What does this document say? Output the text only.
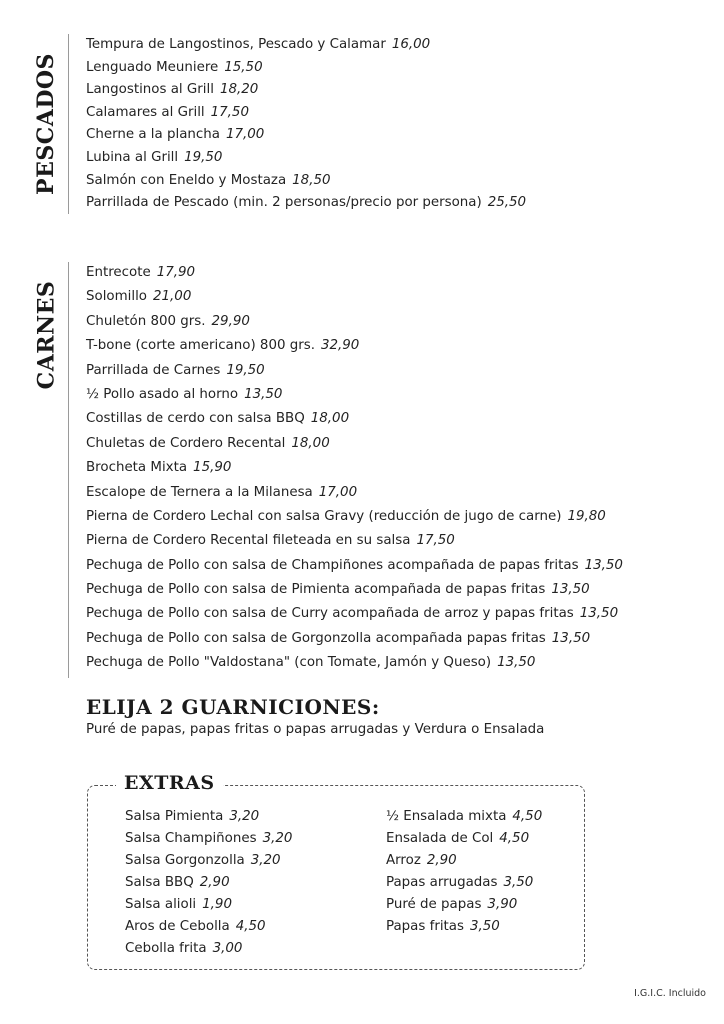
PESCADOS
Tempura de Langostinos, Pescado y Calamar 16,00
Lenguado Meuniere 15,50
Langostinos al Grill 18,20
Calamares al Grill 17,50
Cherne a la plancha 17,00
Lubina al Grill 19,50
Salmón con Eneldo y Mostaza 18,50
Parrillada de Pescado (min. 2 personas/precio por persona) 25,50
CARNES
Entrecote 17,90
Solomillo 21,00
Chuletón 800 grs. 29,90
T-bone (corte americano) 800 grs. 32,90
Parrillada de Carnes 19,50
½ Pollo asado al horno 13,50
Costillas de cerdo con salsa BBQ 18,00
Chuletas de Cordero Recental 18,00
Brocheta Mixta 15,90
Escalope de Ternera a la Milanesa 17,00
Pierna de Cordero Lechal con salsa Gravy (reducción de jugo de carne) 19,80
Pierna de Cordero Recental fileteada en su salsa 17,50
Pechuga de Pollo con salsa de Champiñones acompañada de papas fritas 13,50
Pechuga de Pollo con salsa de Pimienta acompañada de papas fritas 13,50
Pechuga de Pollo con salsa de Curry acompañada de arroz y papas fritas 13,50
Pechuga de Pollo con salsa de Gorgonzolla acompañada papas fritas 13,50
Pechuga de Pollo "Valdostana" (con Tomate, Jamón y Queso) 13,50
ELIJA 2 GUARNICIONES:
Puré de papas, papas fritas o papas arrugadas y Verdura o Ensalada
EXTRAS
Salsa Pimienta 3,20
Salsa Champiñones 3,20
Salsa Gorgonzolla 3,20
Salsa BBQ 2,90
Salsa alioli 1,90
Aros de Cebolla 4,50
Cebolla frita 3,00
½ Ensalada mixta 4,50
Ensalada de Col 4,50
Arroz 2,90
Papas arrugadas 3,50
Puré de papas 3,90
Papas fritas 3,50
I.G.I.C. Incluido
